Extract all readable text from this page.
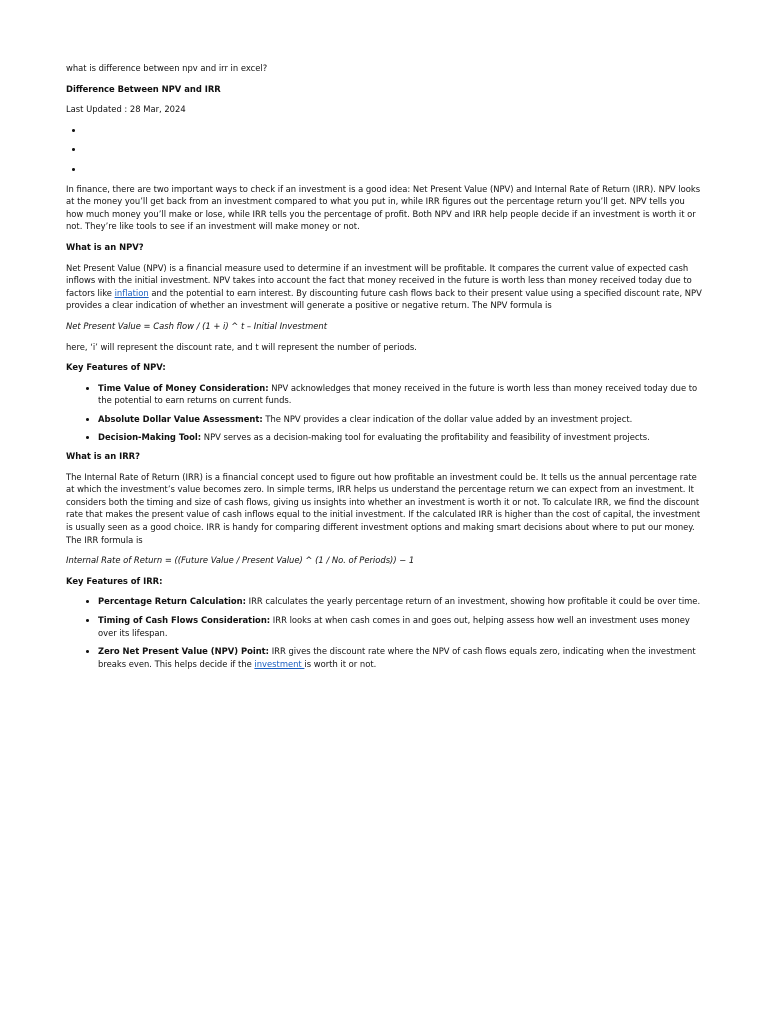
what is difference between npv and irr in excel?

Difference Between NPV and IRR

Last Updated : 28 Mar, 2024

•
•
•

In finance, there are two important ways to check if an investment is a good idea: Net Present Value (NPV) and Internal Rate of Return (IRR). NPV looks at the money you’ll get back from an investment compared to what you put in, while IRR figures out the percentage return you’ll get. NPV tells you how much money you’ll make or lose, while IRR tells you the percentage of profit. Both NPV and IRR help people decide if an investment is worth it or not. They’re like tools to see if an investment will make money or not.

What is an NPV?

Net Present Value (NPV) is a financial measure used to determine if an investment will be profitable. It compares the current value of expected cash inflows with the initial investment. NPV takes into account the fact that money received in the future is worth less than money received today due to factors like inflation and the potential to earn interest. By discounting future cash flows back to their present value using a specified discount rate, NPV provides a clear indication of whether an investment will generate a positive or negative return. The NPV formula is

Net Present Value = Cash flow / (1 + i) ^ t – Initial Investment

here, ‘i’ will represent the discount rate, and t will represent the number of periods.

Key Features of NPV:

• Time Value of Money Consideration: NPV acknowledges that money received in the future is worth less than money received today due to the potential to earn returns on current funds.
• Absolute Dollar Value Assessment: The NPV provides a clear indication of the dollar value added by an investment project.
• Decision-Making Tool: NPV serves as a decision-making tool for evaluating the profitability and feasibility of investment projects.

What is an IRR?

The Internal Rate of Return (IRR) is a financial concept used to figure out how profitable an investment could be. It tells us the annual percentage rate at which the investment’s value becomes zero. In simple terms, IRR helps us understand the percentage return we can expect from an investment. It considers both the timing and size of cash flows, giving us insights into whether an investment is worth it or not. To calculate IRR, we find the discount rate that makes the present value of cash inflows equal to the initial investment. If the calculated IRR is higher than the cost of capital, the investment is usually seen as a good choice. IRR is handy for comparing different investment options and making smart decisions about where to put our money. The IRR formula is

Internal Rate of Return = ((Future Value / Present Value) ^ (1 / No. of Periods)) − 1

Key Features of IRR:

• Percentage Return Calculation: IRR calculates the yearly percentage return of an investment, showing how profitable it could be over time.
• Timing of Cash Flows Consideration: IRR looks at when cash comes in and goes out, helping assess how well an investment uses money over its lifespan.
• Zero Net Present Value (NPV) Point: IRR gives the discount rate where the NPV of cash flows equals zero, indicating when the investment breaks even. This helps decide if the investment is worth it or not.
